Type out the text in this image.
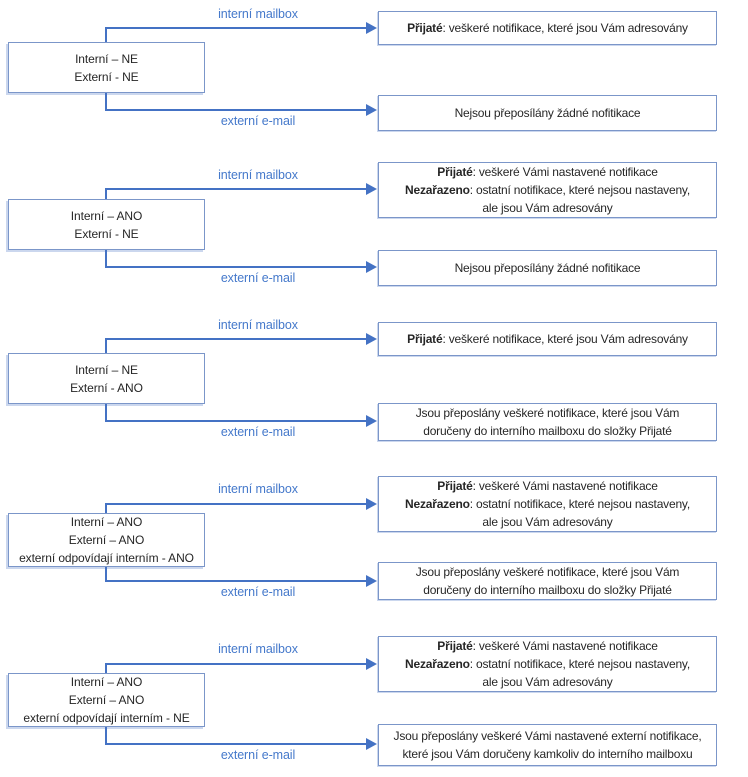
interní mailbox
Přijaté: veškeré notifikace, které jsou Vám adresovány
Interní – NE
Externí - NE
externí e-mail
Nejsou přeposílány žádné nofitikace
interní mailbox	Přijaté: veškeré Vámi nastavené notifikace
Nezařazeno: ostatní notifikace, které nejsou nastaveny,
ale jsou Vám adresovány
Interní – ANO
Externí - NE
externí e-mail
Nejsou přeposílány žádné nofitikace
interní mailbox
Přijaté: veškeré notifikace, které jsou Vám adresovány
Interní – NE
Externí - ANO
externí e-mail
Jsou přeposlány veškeré notifikace, které jsou Vám
doručeny do interního mailboxu do složky Přijaté
interní mailbox	Přijaté: veškeré Vámi nastavené notifikace
Nezařazeno: ostatní notifikace, které nejsou nastaveny,
ale jsou Vám adresovány
Interní – ANO
Externí – ANO
externí odpovídají interním - ANO
externí e-mail
Jsou přeposlány veškeré notifikace, které jsou Vám
doručeny do interního mailboxu do složky Přijaté
interní mailbox	Přijaté: veškeré Vámi nastavené notifikace
Nezařazeno: ostatní notifikace, které nejsou nastaveny,
ale jsou Vám adresovány
Interní – ANO
Externí – ANO
externí odpovídají interním - NE
externí e-mail
Jsou přeposlány veškeré Vámi nastavené externí notifikace,
které jsou Vám doručeny kamkoliv do interního mailboxu
